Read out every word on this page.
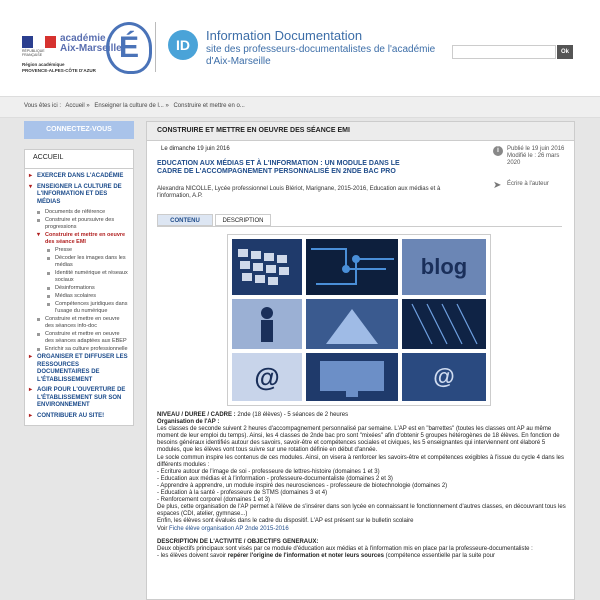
RÉPUBLIQUE FRANÇAISE
académie
Aix-Marseille
Région académique
PROVENCE-ALPES-CÔTE D'AZUR
É	ID
Information Documentation
site des professeurs-documentalistes de l'académie d'Aix-Marseille
Ok
Vous êtes ici : Accueil » Enseigner la culture de l... » Construire et mettre en o...
CONNECTEZ-VOUS
ACCUEIL
▸ EXERCER DANS L'ACADÉMIE
▾ ENSEIGNER LA CULTURE DE L'INFORMATION ET DES MÉDIAS
Documents de référence
Construire et poursuivre des progressions
▾ Construire et mettre en oeuvre des séance EMI
Presse
Décoder les images dans les médias
Identité numérique et réseaux sociaux
Désinformations
Médias scolaires
Compétences juridiques dans l'usage du numérique
Construire et mettre en oeuvre des séances info-doc
Construire et mettre en oeuvre des séances adaptées aux EBEP
Enrichir sa culture professionnelle
▸ ORGANISER ET DIFFUSER LES RESSOURCES DOCUMENTAIRES DE L'ÉTABLISSEMENT
▸ AGIR POUR L'OUVERTURE DE L'ÉTABLISSEMENT SUR SON ENVIRONNEMENT
▸ CONTRIBUER AU SITE!
CONSTRUIRE ET METTRE EN OEUVRE DES SÉANCE EMI
Le dimanche 19 juin 2016
EDUCATION AUX MÉDIAS ET À L'INFORMATION : UN MODULE DANS LE CADRE DE L'ACCOMPAGNEMENT PERSONNALISÉ EN 2NDE BAC PRO
Alexandra NICOLLE, Lycée professionnel Louis Blériot, Marignane, 2015-2016, Education aux médias et à l'information, A.P.
i	Publié le 19 juin 2016
Modifié le : 26 mars 2020
➤ Écrire à l'auteur
CONTENU	DESCRIPTION
blog
@	@

NIVEAU / DUREE / CADRE : 2nde (18 élèves) - 5 séances de 2 heures

Organisation de l'AP :

Les classes de seconde suivent 2 heures d'accompagnement personnalisé par semaine. L'AP est en "barrettes" (toutes les classes ont AP au même moment de leur emploi du temps). Ainsi, les 4 classes de 2nde bac pro sont "mixées" afin d'obtenir 5 groupes hétérogènes de 18 élèves. En fonction de besoins généraux identifiés autour des savoirs, savoir-être et compétences sociales et civiques, les 5 enseignantes qui interviennent ont élaboré 5 modules, que les élèves vont tous suivre sur une rotation définie en début d'année.

Le socle commun inspire les contenus de ces modules. Ainsi, on visera à renforcer les savoirs-être et compétences exigibles à l'issue du cycle 4 dans les différents modules :

- Ecriture autour de l'image de soi - professeure de lettres-histoire (domaines 1 et 3)

- Education aux médias et à l'information - professeure-documentaliste (domaines 2 et 3)

- Apprendre à apprendre, un module inspiré des neurosciences - professeure de biotechnologie (domaines 2)

- Education à la santé - professeure de STMS (domaines 3 et 4)

- Renforcement corporel (domaines 1 et 3)

De plus, cette organisation de l'AP permet à l'élève de s'insérer dans son lycée en connaissant le fonctionnement d'autres classes, en découvrant tous les espaces (CDI, atelier, gymnase...)

Enfin, les élèves sont évalués dans le cadre du dispositif. L'AP est présent sur le bulletin scolaire

Voir Fiche élève organisation AP 2nde 2015-2016

DESCRIPTION DE L'ACTIVITE / OBJECTIFS GENERAUX:

Deux objectifs principaux sont visés par ce module d'éducation aux médias et à l'information mis en place par la professeure-documentaliste :

- les élèves doivent savoir repérer l'origine de l'information et noter leurs sources (compétence essentielle par la suite pour
